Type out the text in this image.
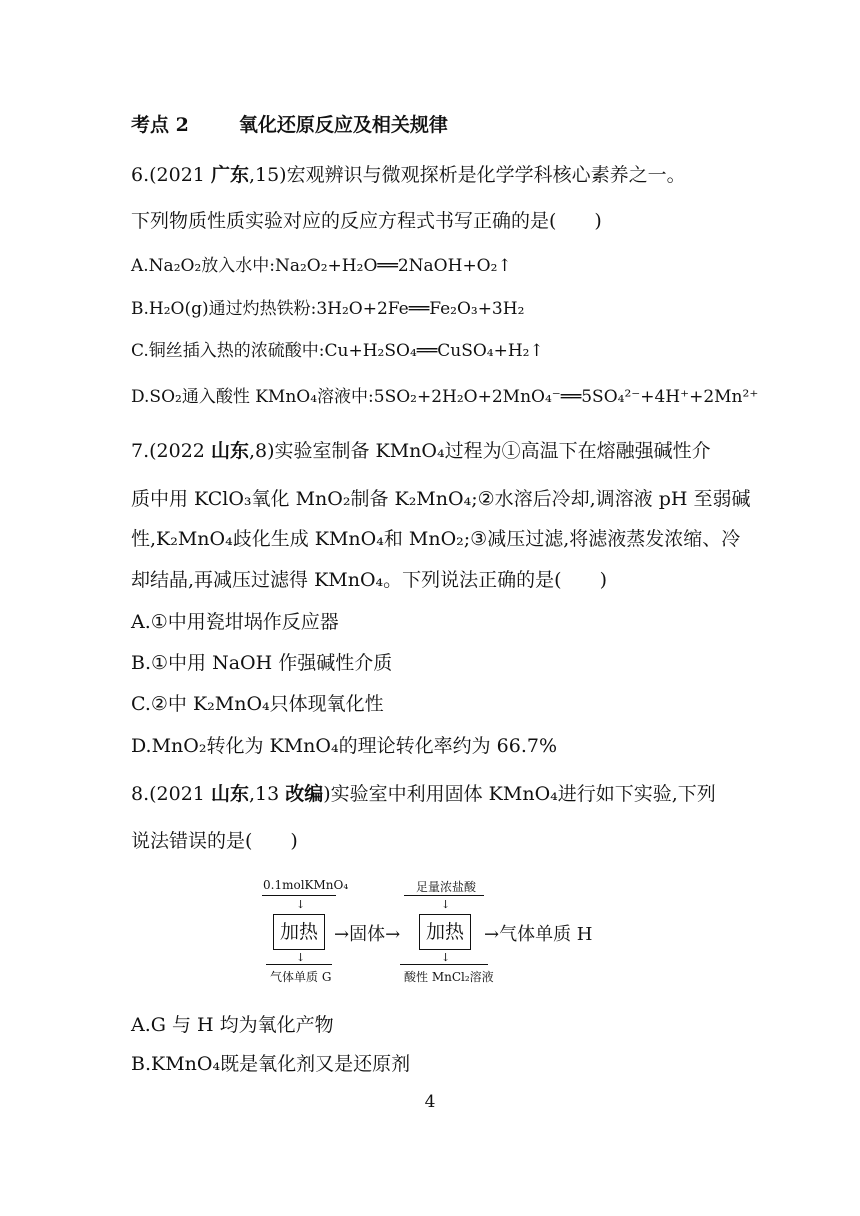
考点 2	氧化还原反应及相关规律
6.(2021 广东,15)宏观辨识与微观探析是化学学科核心素养之一。
下列物质性质实验对应的反应方程式书写正确的是(　　)
A.Na₂O₂放入水中:Na₂O₂+H₂O══2NaOH+O₂↑
B.H₂O(g)通过灼热铁粉:3H₂O+2Fe══Fe₂O₃+3H₂
C.铜丝插入热的浓硫酸中:Cu+H₂SO₄══CuSO₄+H₂↑
D.SO₂通入酸性 KMnO₄溶液中:5SO₂+2H₂O+2MnO₄⁻══5SO₄²⁻+4H⁺+2Mn²⁺
7.(2022 山东,8)实验室制备 KMnO₄过程为①高温下在熔融强碱性介
质中用 KClO₃氧化 MnO₂制备 K₂MnO₄;②水溶后冷却,调溶液 pH 至弱碱
性,K₂MnO₄歧化生成 KMnO₄和 MnO₂;③减压过滤,将滤液蒸发浓缩、冷
却结晶,再减压过滤得 KMnO₄。下列说法正确的是(　　)
A.①中用瓷坩埚作反应器
B.①中用 NaOH 作强碱性介质
C.②中 K₂MnO₄只体现氧化性
D.MnO₂转化为 KMnO₄的理论转化率约为 66.7%
8.(2021 山东,13 改编)实验室中利用固体 KMnO₄进行如下实验,下列
说法错误的是(　　)
0.1molKMnO₄
↓
加热
↓
气体单质 G
→固体→
足量浓盐酸
↓
加热
↓
酸性 MnCl₂溶液
→气体单质 H
A.G 与 H 均为氧化产物
B.KMnO₄既是氧化剂又是还原剂
4
